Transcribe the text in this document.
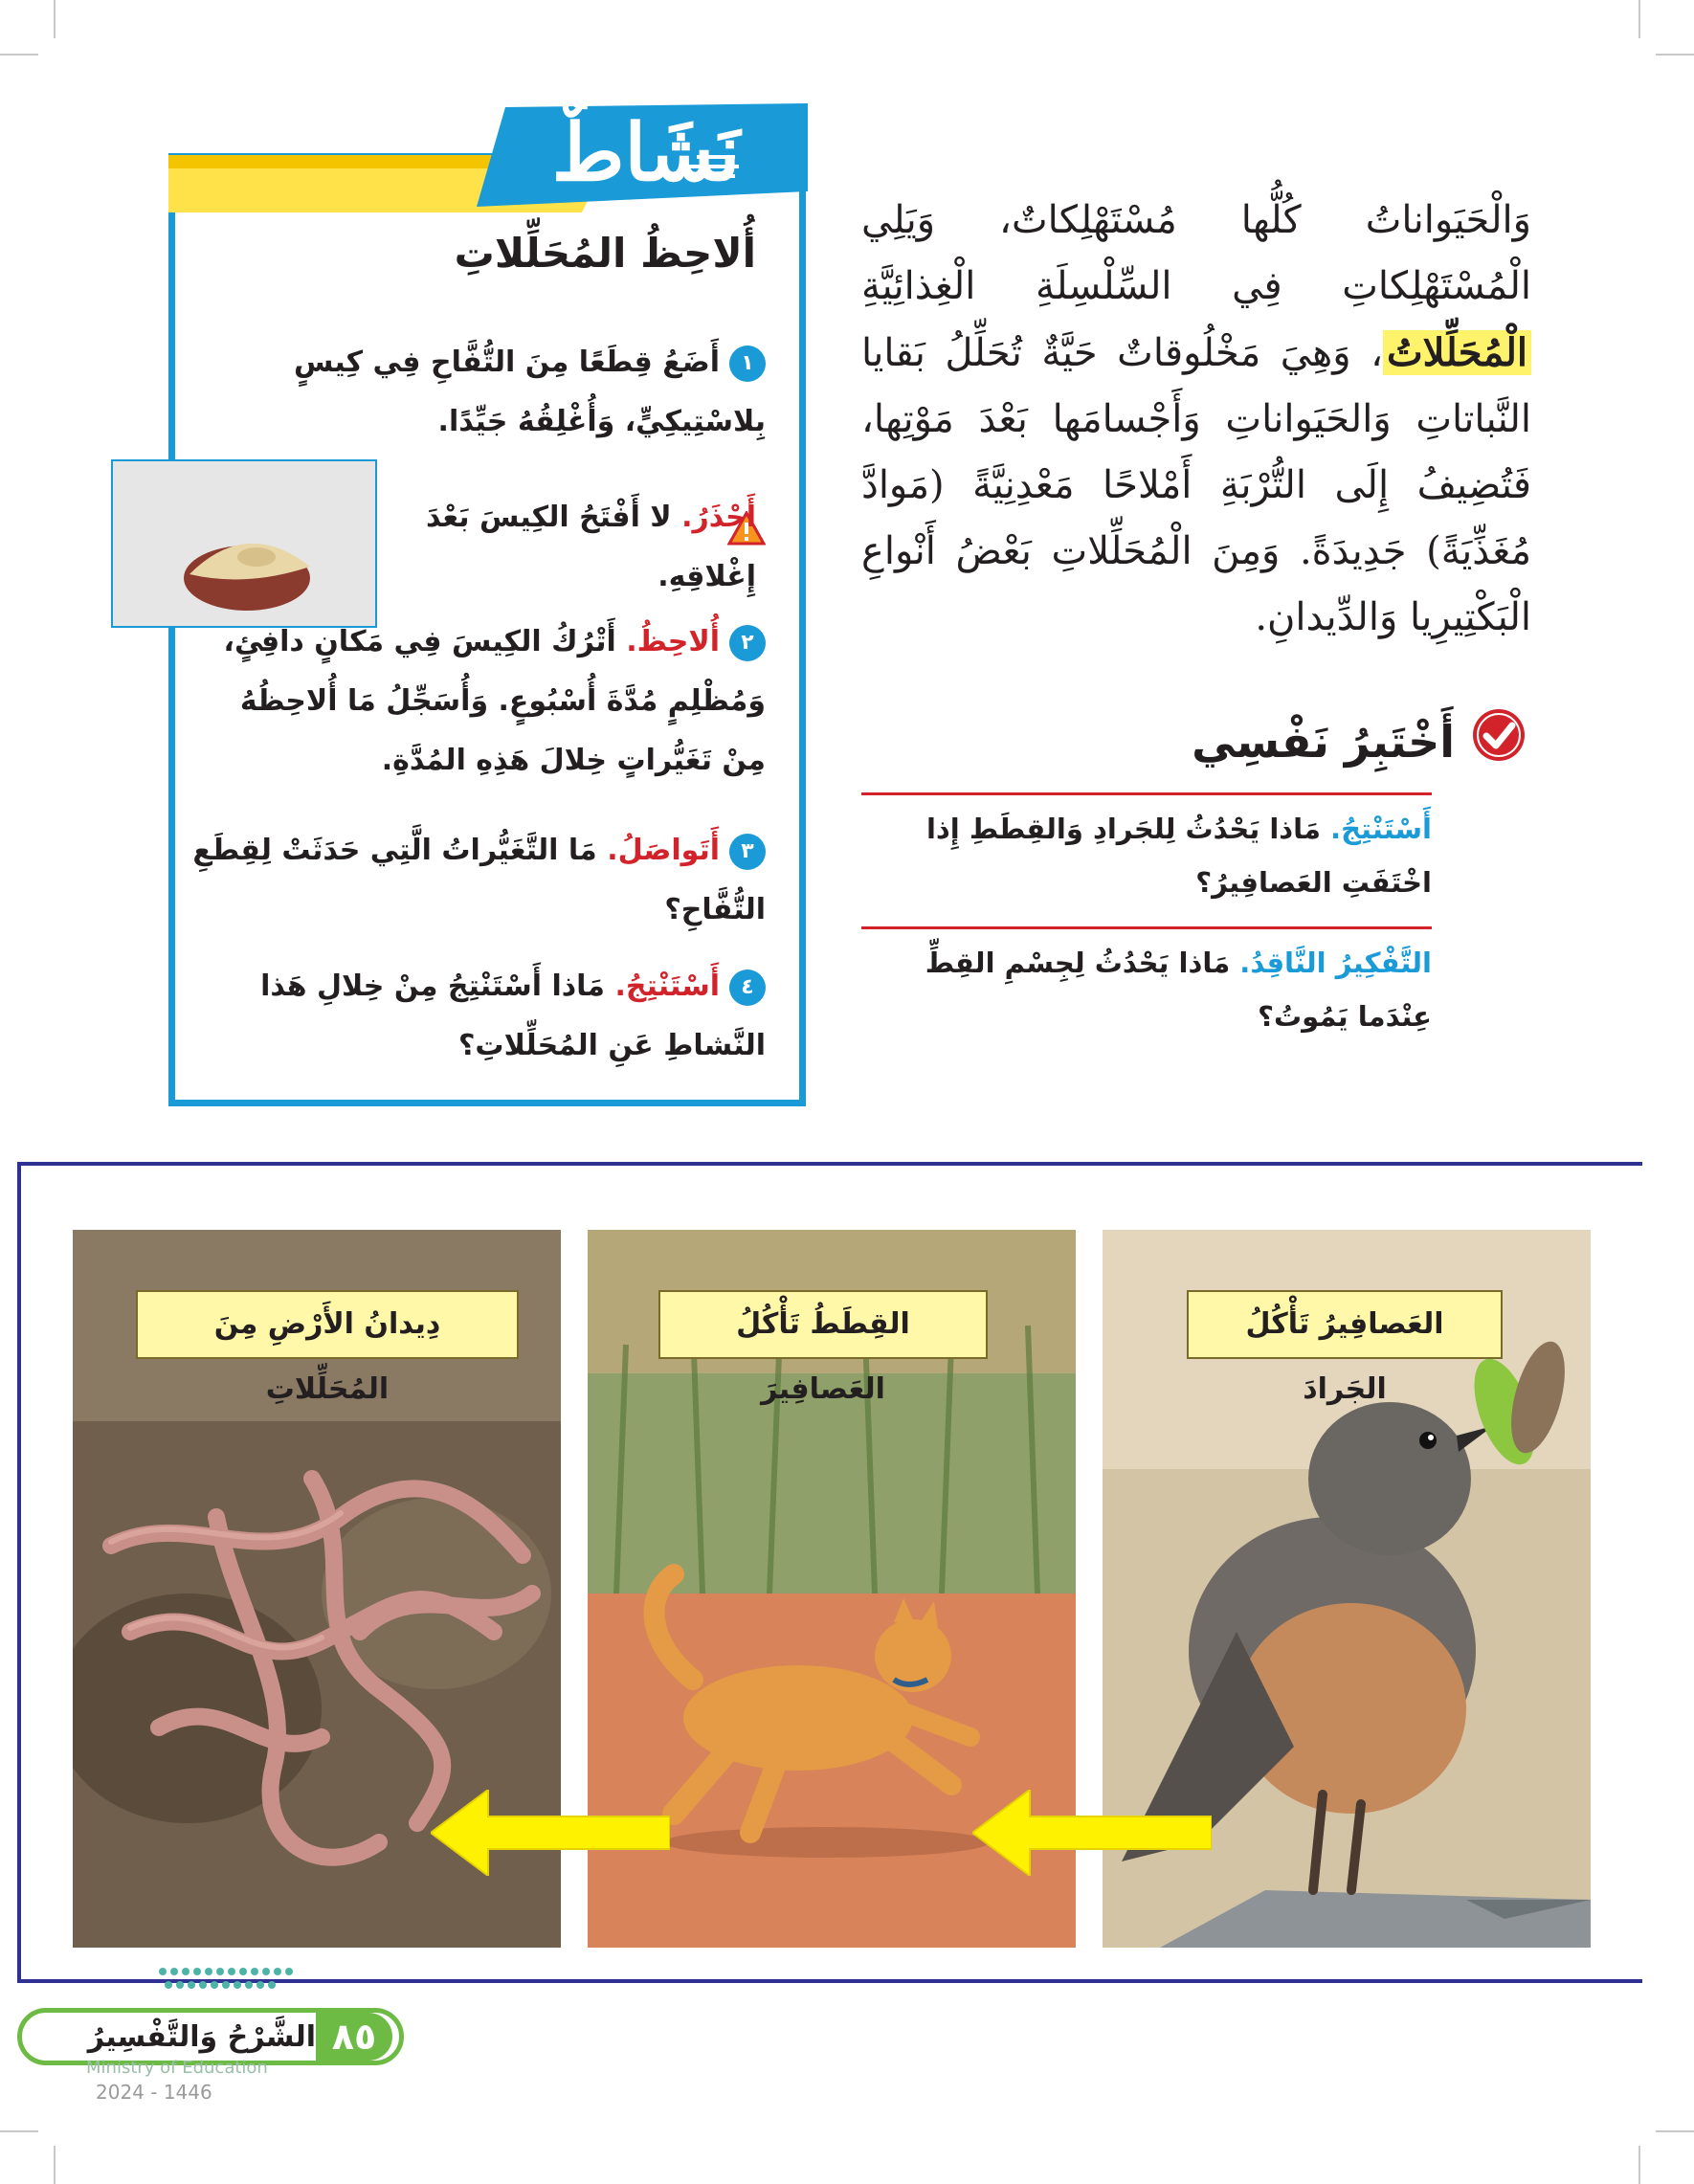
نَشَاطٌ
أُلاحِظُ المُحَلِّلاتِ
١أَضَعُ قِطَعًا مِنَ التُّفَّاحِ فِي كِيسٍ بِلاسْتِيكِيٍّ، وَأُغْلِقُهُ جَيِّدًا.
أَحْذَرُ. لا أَفْتَحُ الكِيسَ بَعْدَ إِغْلاقِهِ.
٢أُلاحِظُ. أَتْرُكُ الكِيسَ فِي مَكانٍ دافِئٍ، وَمُظْلِمٍ مُدَّةَ أُسْبُوعٍ. وَأُسَجِّلُ مَا أُلاحِظُهُ مِنْ تَغَيُّراتٍ خِلالَ هَذِهِ المُدَّةِ.
٣أَتَواصَلُ. مَا التَّغَيُّراتُ الَّتِي حَدَثَتْ لِقِطَعِ التُّفَّاحِ؟
٤أَسْتَنْتِجُ. مَاذا أَسْتَنْتِجُ مِنْ خِلالِ هَذا النَّشاطِ عَنِ المُحَلِّلاتِ؟
وَالْحَيَواناتُ كُلُّها مُسْتَهْلِكاتٌ، وَيَلِي الْمُسْتَهْلِكاتِ فِي السِّلْسِلَةِ الْغِذائِيَّةِ الْمُحَلِّلاتُ، وَهِيَ مَخْلُوقاتٌ حَيَّةٌ تُحَلِّلُ بَقايا النَّباتاتِ وَالحَيَواناتِ وَأَجْسامَها بَعْدَ مَوْتِها، فَتُضِيفُ إِلَى التُّرْبَةِ أَمْلاحًا مَعْدِنِيَّةً (مَوادَّ مُغَذِّيَةً) جَدِيدَةً. وَمِنَ الْمُحَلِّلاتِ بَعْضُ أَنْواعِ الْبَكْتِيرِيا وَالدِّيدانِ.
أَخْتَبِرُ نَفْسِي
أَسْتَنْتِجُ. مَاذا يَحْدُثُ لِلجَرادِ وَالقِطَطِ إِذا اخْتَفَتِ العَصافِيرُ؟
التَّفْكِيرُ النَّاقِدُ. مَاذا يَحْدُثُ لِجِسْمِ القِطِّ عِنْدَما يَمُوتُ؟
العَصافِيرُ تَأْكُلُ الجَرادَ
القِطَطُ تَأْكُلُ العَصافِيرَ
دِيدانُ الأَرْضِ مِنَ المُحَلِّلاتِ
الشَّرْحُ وَالتَّفْسِيرُ ٨٥
Ministry of Education
2024 - 1446
